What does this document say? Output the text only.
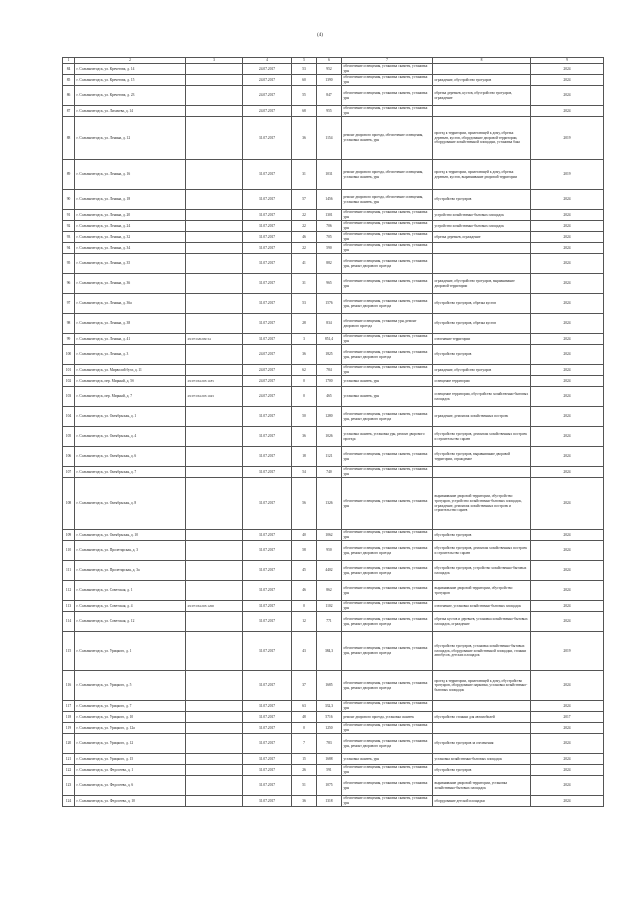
(4)
1	2	3	4	5	6	7	8	9
84	г. Сольвычегодск, ул. Кречетова, д. 14		24.07.2017	53	952	обеспечение освещения, установка скамеек, установка урн		2024
85	г. Сольвычегодск, ул. Кречетова, д. 15		24.07.2017	60	1390	обеспечение освещения, установка скамеек, установка урн	ограждение, обустройство тротуаров	2024
86	г. Сольвычегодск, ул. Кречетова, д. 23		24.07.2017	55	847	обеспечение освещения, установка скамеек, установка урн	обрезка деревьев, кустов, обустройство тротуаров, ограждение	2024
87	г. Сольвычегодск, ул. Лихачева, д. 14		24.07.2017	68	955	обеспечение освещения, установка скамеек, установка урн		2024
88	г. Сольвычегодск, ул. Ленина, д. 12		31.07.2017	36	1154	ремонт дворового проезда, обеспечение освещения, установка скамеек, урн	проезд к территории, прилегающей к дому, обрезка деревьев, кустов, оборудование дворовой территории, оборудование хозяйственной площадки, установка бака	2019
89	г. Сольвычегодск, ул. Ленина, д. 16		31.07.2017	31	1031	ремонт дворового проезда, обеспечение освещения, установка скамеек, урн	проезд к территории, прилегающей к дому, обрезка деревьев, кустов, выравнивание дворовой территории	2019
90	г. Сольвычегодск, ул. Ленина, д. 18		31.07.2017	57	1456	ремонт дворового проезда, обеспечение освещения, установка скамеек, урн	обустройство тротуаров	2024
91	г. Сольвычегодск, ул. Ленина, д. 20		31.07.2017	22	1301	обеспечение освещения, установка скамеек, установка урн	устройство хозяйственно-бытовых площадок	2024
92	г. Сольвычегодск, ул. Ленина, д. 24		31.07.2017	22	706	обеспечение освещения, установка скамеек, установка урн	устройство хозяйственно-бытовых площадок	2024
93	г. Сольвычегодск, ул. Ленина, д. 32		31.07.2017	46	705	обеспечение освещения, установка скамеек, установка урн	обрезка деревьев, ограждение	2024
94	г. Сольвычегодск, ул. Ленина, д. 34		31.07.2017	22	590	обеспечение освещения, установка скамеек, установка урн		2024
95	г. Сольвычегодск, ул. Ленина, д. 35		31.07.2017	41	882	обеспечение освещения, установка скамеек, установка урн, ремонт дворового проезда		2024
96	г. Сольвычегодск, ул. Ленина, д. 36		31.07.2017	31	965	обеспечение освещения, установка скамеек, установка урн	ограждение, обустройство тротуаров, выравнивание дворовой территории	2024
97	г. Сольвычегодск, ул. Ленина, д. 36а		31.07.2017	53	1576	обеспечение освещения, установка скамеек, установка урн, ремонт дворового проезда	обустройство тротуаров, обрезка кустов	2024
98	г. Сольвычегодск, ул. Ленина, д. 38		31.07.2017	28	834	обеспечение освещения, установка урн, ремонт дворового проезда	обустройство тротуаров, обрезка кустов	2024
99	г. Сольвычегодск, ул. Ленина, д. 41	29:07:020209:34	31.07.2017	3	851,4	обеспечение освещения, установка скамеек, установка урн	озеленение территории	2024
100	г. Сольвычегодск, ул. Ленина, д. 3		24.07.2017	36	1825	обеспечение освещения, установка скамеек, установка урн, ремонт дворового проезда	обустройство тротуаров	2024
101	г. Сольвычегодск, ул. Мирволой бухт, д. 11		24.07.2017	62	784	обеспечение освещения, установка скамеек, установка урн	ограждение, обустройство тротуаров	2024
102	г. Сольвычегодск, пер. Мирный, д. 5б	29:07:061203:1185	24.07.2017	0	1700	установка скамеек, урн	освещение территории	2024
103	г. Сольвычегодск, пер. Мирный, д. 7	29:07:061203:1045	24.07.2017	0	465	установка скамеек, урн	освещение территории, обустройство хозяйственно-бытовых площадок	2024
104	г. Сольвычегодск, ул. Октябрьская, д. 1		31.07.2017	50	1280	обеспечение освещения, установка скамеек, установка урн, ремонт дворового проезда	ограждение, демонтаж хозяйственных построек	2024
105	г. Сольвычегодск, ул. Октябрьская, д. 4		31.07.2017	36	1026	установка скамеек, установка урн, ремонт дворового проезда	обустройство тротуаров, демонтаж хозяйственных построек и строительство сараев	2024
106	г. Сольвычегодск, ул. Октябрьская, д. 6		31.07.2017	18	1121	обеспечение освещения, установка скамеек, установка урн	обустройство тротуаров, выравнивание дворовой территории, ограждение	2024
107	г. Сольвычегодск, ул. Октябрьская, д. 7		31.07.2017	54	740	обеспечение освещения, установка скамеек, установка урн		2024
108	г. Сольвычегодск, ул. Октябрьская, д. 8		31.07.2017	56	1326	обеспечение освещения, установка скамеек, установка урн	выравнивание дворовой территории, обустройство тротуаров, устройство хозяйственно-бытовых площадок, ограждение, демонтаж хозяйственных построек и строительство сараев	2024
109	г. Сольвычегодск, ул. Октябрьская, д. 10		31.07.2017	40	1062	обеспечение освещения, установка скамеек, установка урн	обустройство тротуаров	2024
110	г. Сольвычегодск, ул. Пролетарская, д. 3		31.07.2017	58	950	обеспечение освещения, установка скамеек, установка урн, ремонт дворового проезда	обустройство тротуаров, демонтаж хозяйственных построек и строительство сараев	2024
111	г. Сольвычегодск, ул. Пролетарская, д. 3а		31.07.2017	45	4402	обеспечение освещения, установка скамеек, установка урн, ремонт дворового проезда	обустройство тротуаров, устройство хозяйственно-бытовых площадок	2024
112	г. Сольвычегодск, ул. Советская, д. 1		31.07.2017	46	862	обеспечение освещения, установка скамеек, установка урн	выравнивание дворовой территории, обустройство тротуаров	2024
113	г. Сольвычегодск, ул. Советская, д. 4	29:07:061203:1200	31.07.2017	0	1102	обеспечение освещения, установка скамеек, установка урн	озеленение, установка хозяйственно-бытовых площадок	2024
114	г. Сольвычегодск, ул. Советская, д. 12		31.07.2017	12	771	обеспечение освещения, установка скамеек, установка урн, ремонт дворового проезда	обрезка кустов и деревьев, установка хозяйственно-бытовых площадок, ограждение	2024
115	г. Сольвычегодск, ул. Урицкого, д. 1		31.07.2017	43	384,3	обеспечение освещения, установка скамеек, установка урн, ремонт дворового проезда	обустройство тротуаров, установка хозяйственно-бытовых площадок, оборудование хозяйственной площадки, стоянки автобусов, детских площадок	2019
116	г. Сольвычегодск, ул. Урицкого, д. 5		31.07.2017	37	1685	обеспечение освещения, установка скамеек, установка урн, ремонт дворового проезда	проезд к территории, прилегающей к дому, обустройство тротуаров, оборудование парковки, установка хозяйственно-бытовых площадок	2024
117	г. Сольвычегодск, ул. Урицкого, д. 7		31.07.2017	63	332,3	обеспечение освещения, установка скамеек, установка урн		2024
118	г. Сольвычегодск, ул. Урицкого, д. 10		31.07.2017	48	5716	ремонт дворового проезда, установка скамеек	обустройство стоянки для автомобилей	2017
119	г. Сольвычегодск, ул. Урицкого, д. 12а		31.07.2017	0	1250	обеспечение освещения, установка скамеек, установка урн		2024
120	г. Сольвычегодск, ул. Урицкого, д. 12		31.07.2017	7	783	обеспечение освещения, установка скамеек, установка урн, ремонт дворового проезда	обустройство тротуаров за озеленения	2024
121	г. Сольвычегодск, ул. Урицкого, д. 15		31.07.2017	15	1688	установка скамеек, урн	установка хозяйственно-бытовых площадок	2024
122	г. Сольвычегодск, ул. Федосеева, д. 1		31.07.2017	26	591	обеспечение освещения, установка скамеек, установка урн	обустройство тротуаров	2024
123	г. Сольвычегодск, ул. Федосеева, д. 6		31.07.2017	51	1075	обеспечение освещения, установка скамеек, установка урн	выравнивание дворовой территории, установка хозяйственно-бытовых площадок	2024
124	г. Сольвычегодск, ул. Федосеева, д. 10		31.07.2017	36	1318	обеспечение освещения, установка скамеек, установка урн	оборудование детской площадки	2024
